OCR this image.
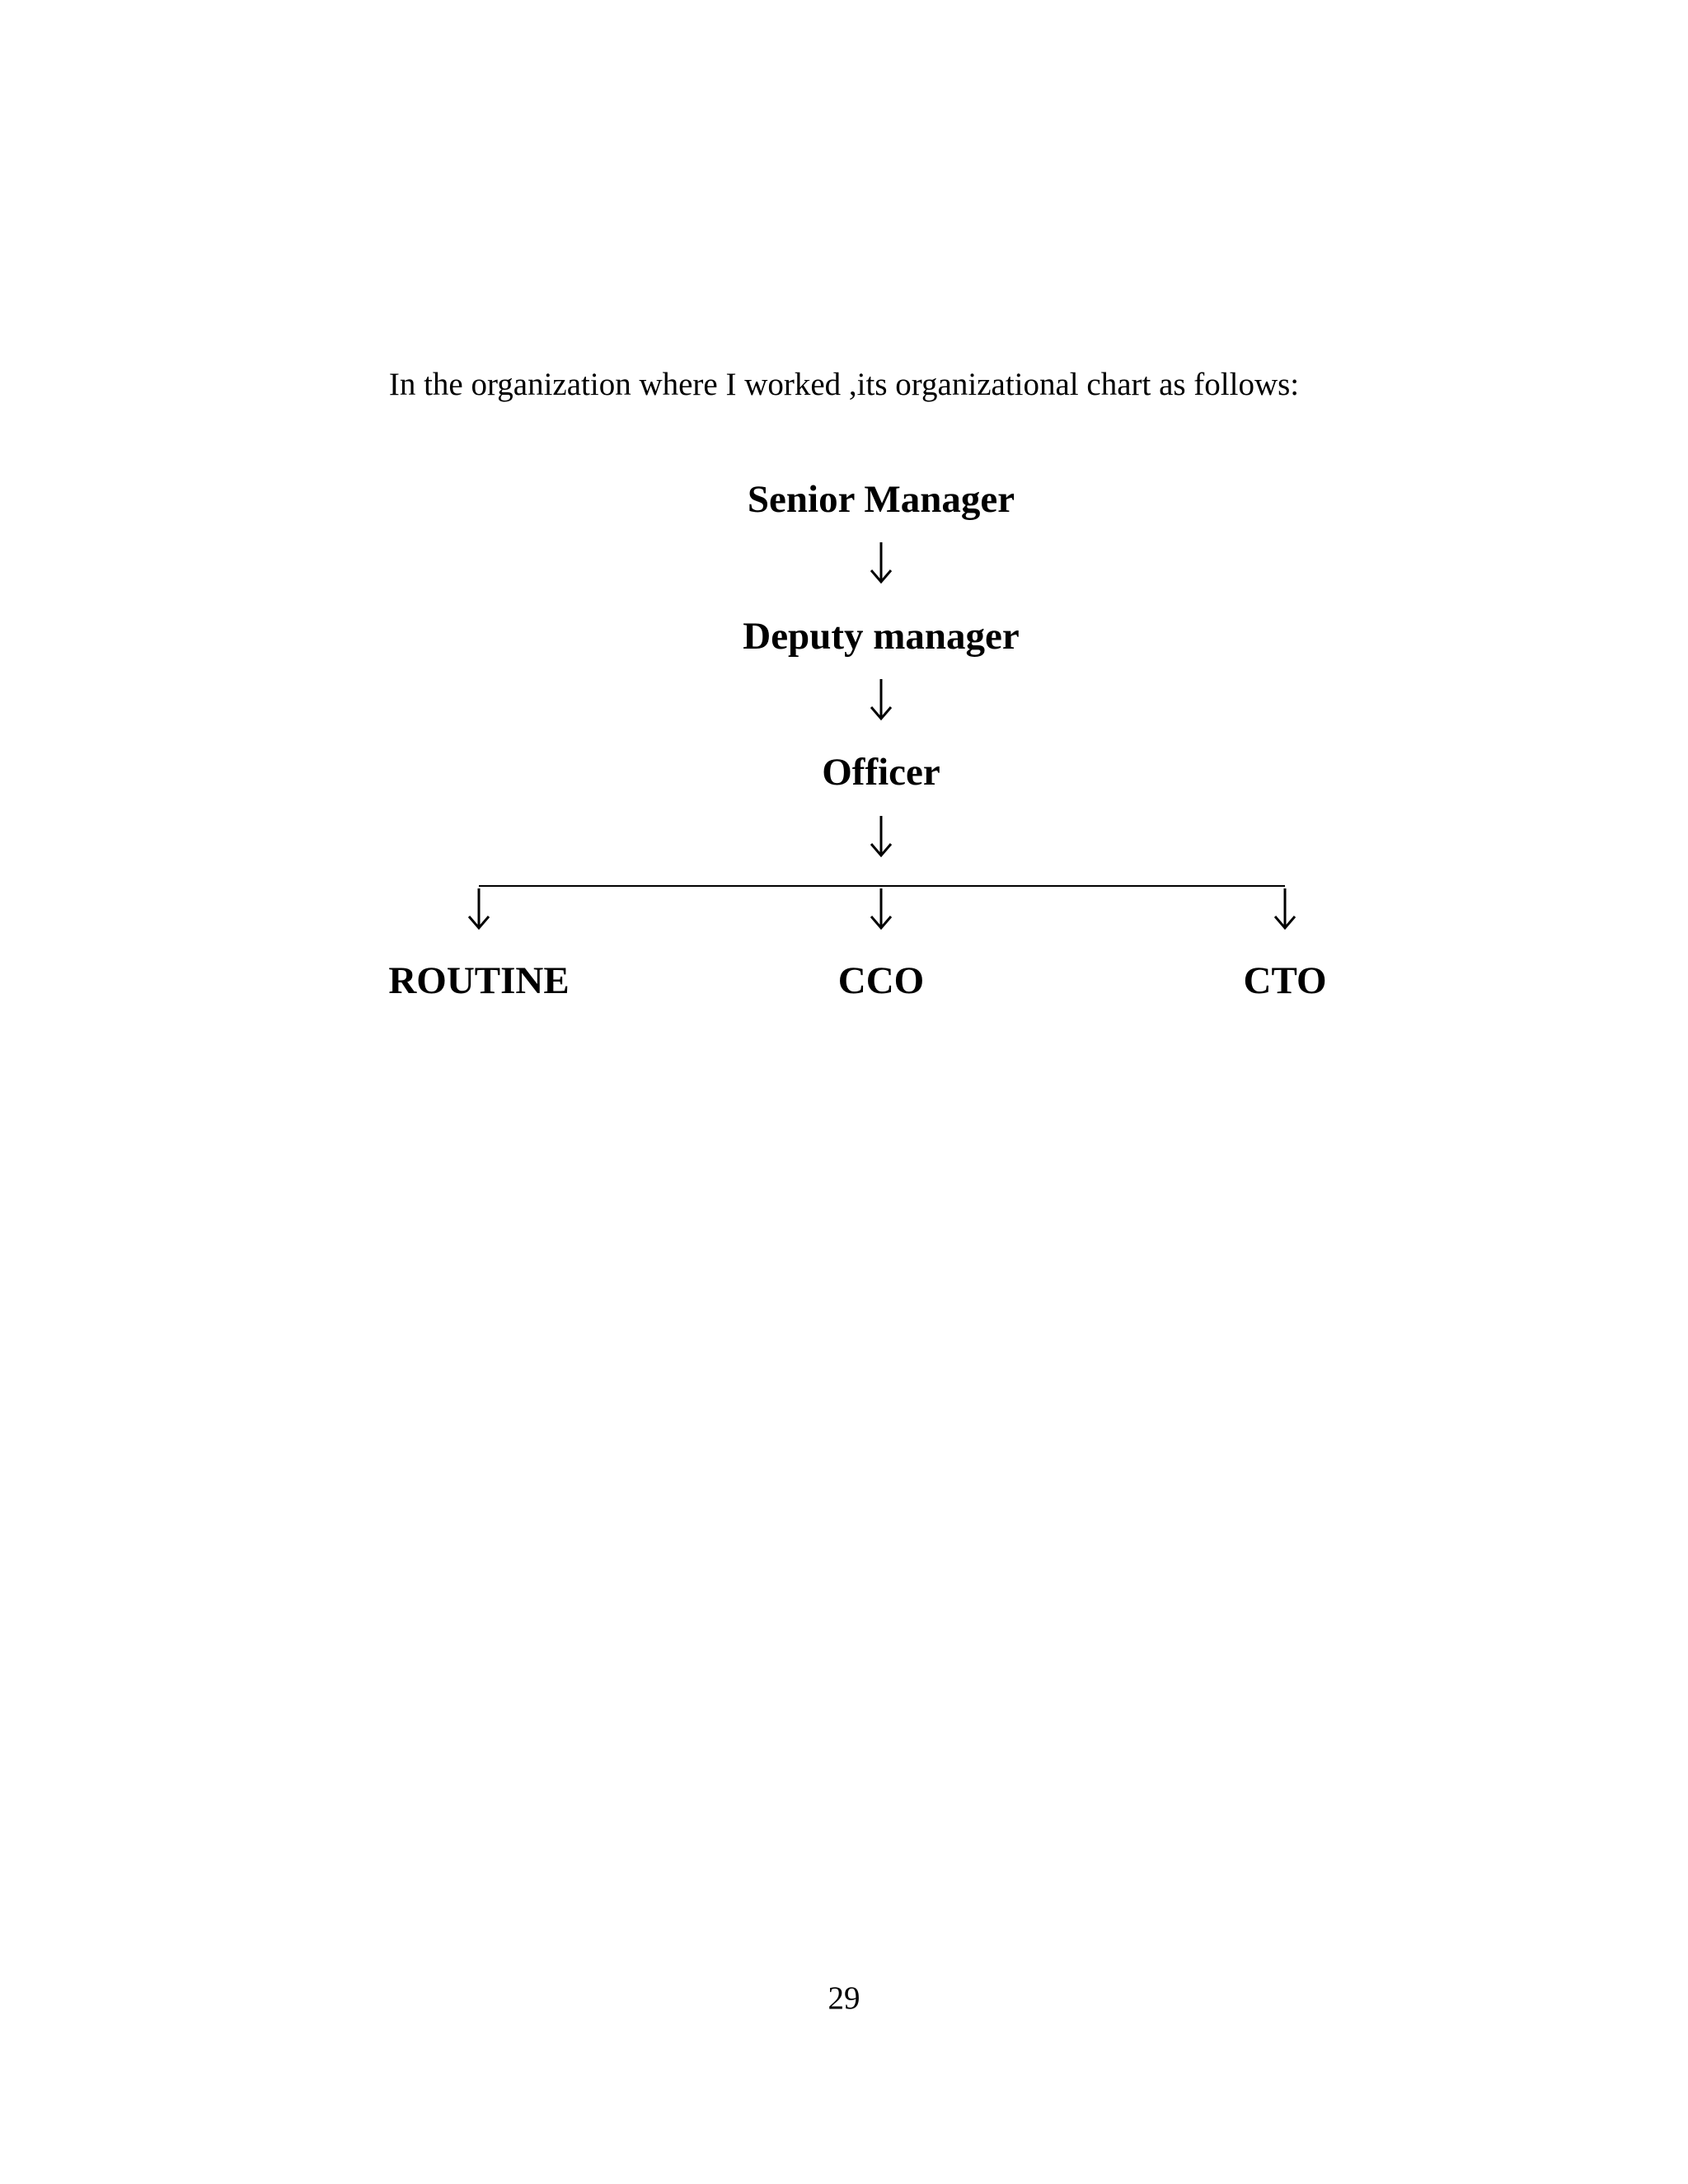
In the organization where I worked ,its organizational chart as follows:
Senior Manager
Deputy manager
Officer
ROUTINE	CCO	CTO
29
